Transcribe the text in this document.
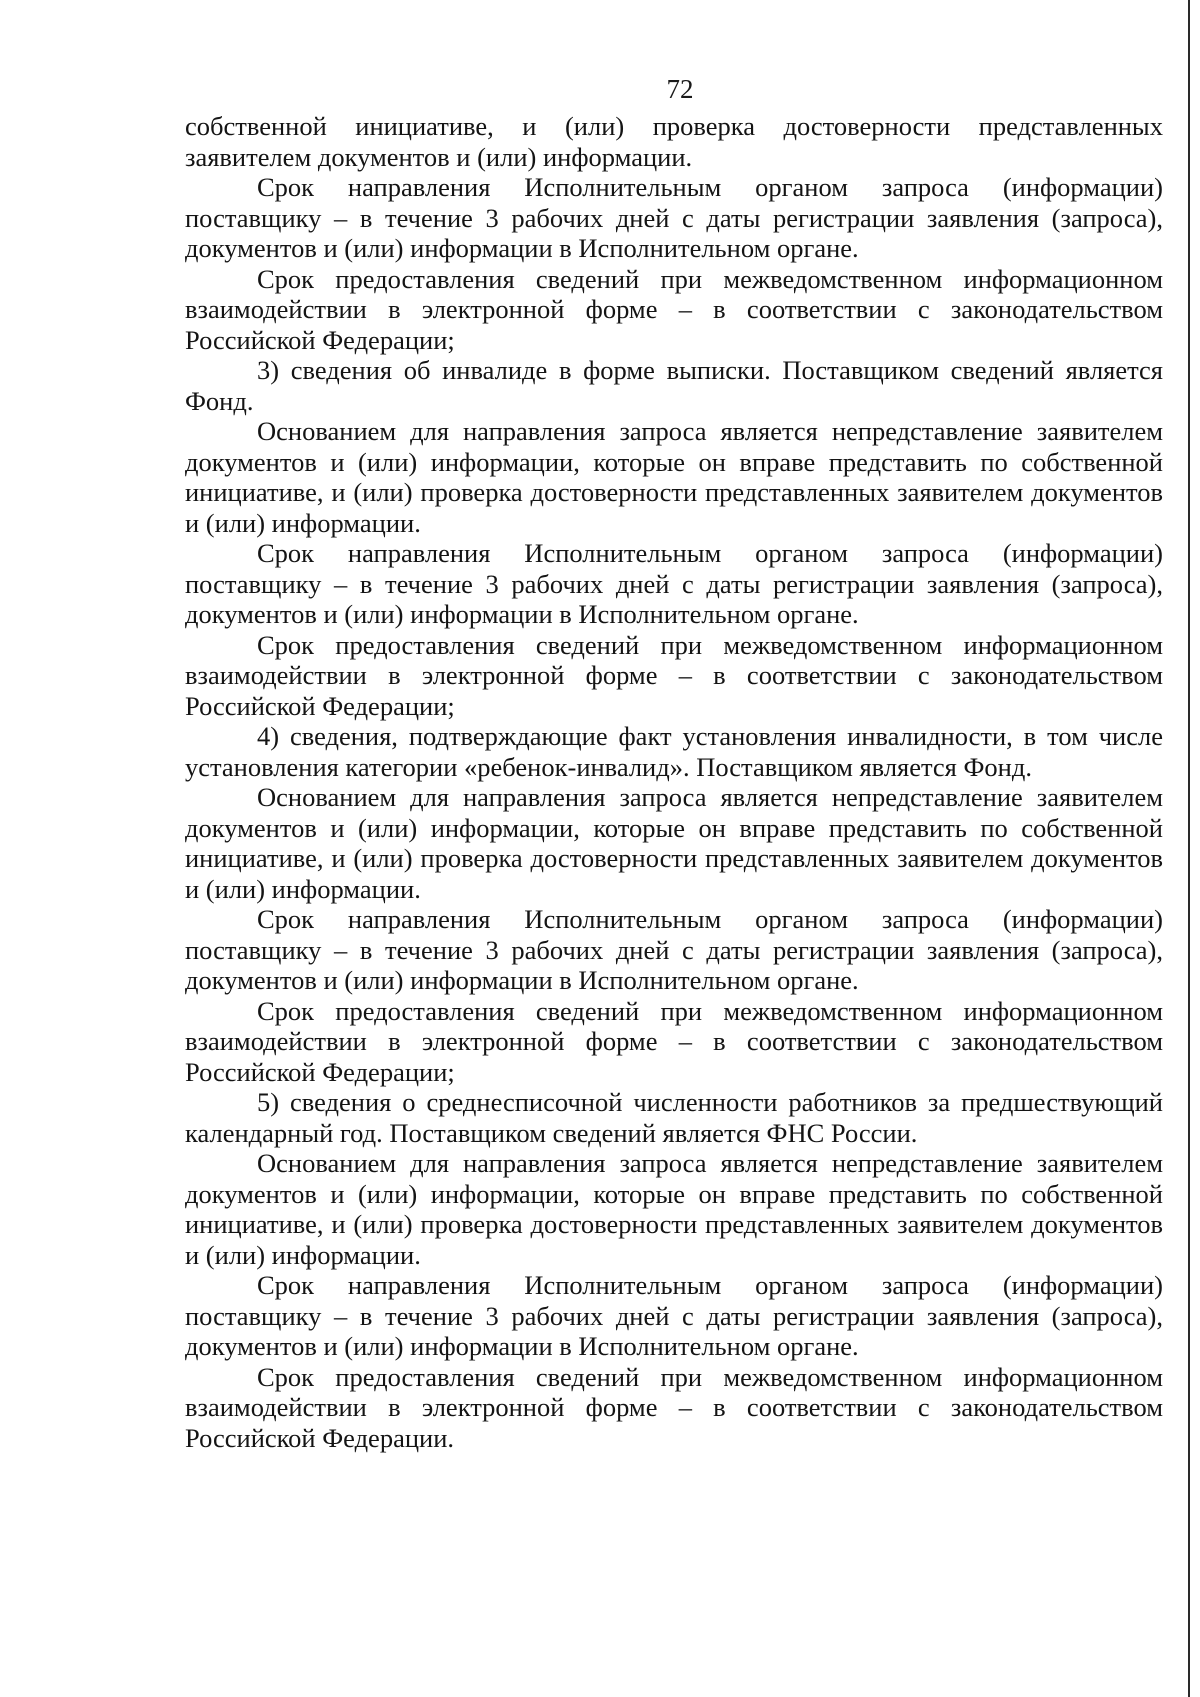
72

собственной инициативе, и (или) проверка достоверности представленных заявителем документов и (или) информации.

Срок направления Исполнительным органом запроса (информации) поставщику – в течение 3 рабочих дней с даты регистрации заявления (запроса), документов и (или) информации в Исполнительном органе.

Срок предоставления сведений при межведомственном информационном взаимодействии в электронной форме – в соответствии с законодательством Российской Федерации;

3) сведения об инвалиде в форме выписки. Поставщиком сведений является Фонд.

Основанием для направления запроса является непредставление заявителем документов и (или) информации, которые он вправе представить по собственной инициативе, и (или) проверка достоверности представленных заявителем документов и (или) информации.

Срок направления Исполнительным органом запроса (информации) поставщику – в течение 3 рабочих дней с даты регистрации заявления (запроса), документов и (или) информации в Исполнительном органе.

Срок предоставления сведений при межведомственном информационном взаимодействии в электронной форме – в соответствии с законодательством Российской Федерации;

4) сведения, подтверждающие факт установления инвалидности, в том числе установления категории «ребенок-инвалид». Поставщиком является Фонд.

Основанием для направления запроса является непредставление заявителем документов и (или) информации, которые он вправе представить по собственной инициативе, и (или) проверка достоверности представленных заявителем документов и (или) информации.

Срок направления Исполнительным органом запроса (информации) поставщику – в течение 3 рабочих дней с даты регистрации заявления (запроса), документов и (или) информации в Исполнительном органе.

Срок предоставления сведений при межведомственном информационном взаимодействии в электронной форме – в соответствии с законодательством Российской Федерации;

5) сведения о среднесписочной численности работников за предшествующий календарный год. Поставщиком сведений является ФНС России.

Основанием для направления запроса является непредставление заявителем документов и (или) информации, которые он вправе представить по собственной инициативе, и (или) проверка достоверности представленных заявителем документов и (или) информации.

Срок направления Исполнительным органом запроса (информации) поставщику – в течение 3 рабочих дней с даты регистрации заявления (запроса), документов и (или) информации в Исполнительном органе.

Срок предоставления сведений при межведомственном информационном взаимодействии в электронной форме – в соответствии с законодательством Российской Федерации.
